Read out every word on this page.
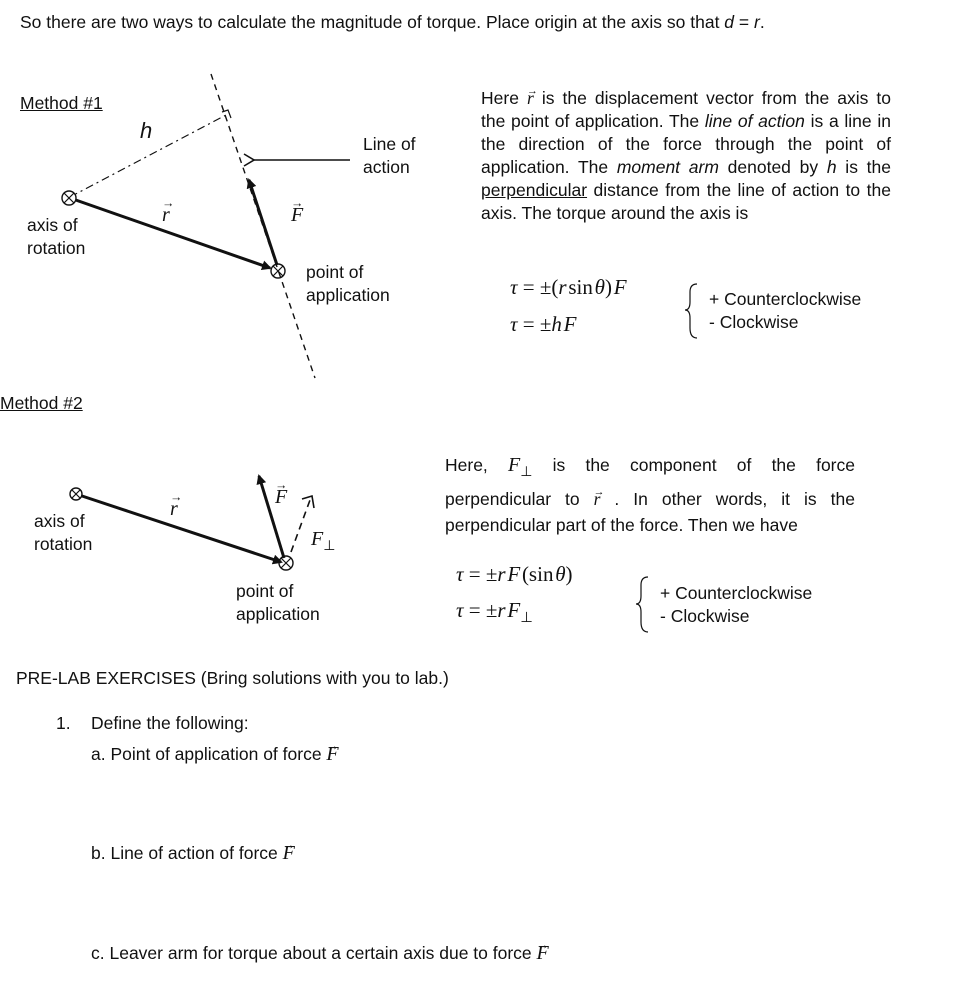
So there are two ways to calculate the magnitude of torque. Place origin at the axis so that d = r.
Method #1
h
→ r	→ F
Line of
action
axis of
rotation
point of
application
Here → r is the displacement vector from the axis to the point of application. The line of action is a line in the direction of the force through the point of application. The moment arm denoted by h is the perpendicular distance from the line of action to the axis. The torque around the axis is
τ = ±(r sin θ) F
τ = ±h F
+ Counterclockwise
- Clockwise
Method #2
→ r
→ F
$F_\perp$
axis of
rotation
point of
application
Here, $F_\perp$ is the component of the force perpendicular to → r . In other words, it is the perpendicular part of the force. Then we have
τ = ±r F (sin θ)
τ = ±r $F_\perp$
+ Counterclockwise
- Clockwise
PRE-LAB EXERCISES (Bring solutions with you to lab.)
1. Define the following:
a. Point of application of force → F
b. Line of action of force → F
c. Leaver arm for torque about a certain axis due to force → F
